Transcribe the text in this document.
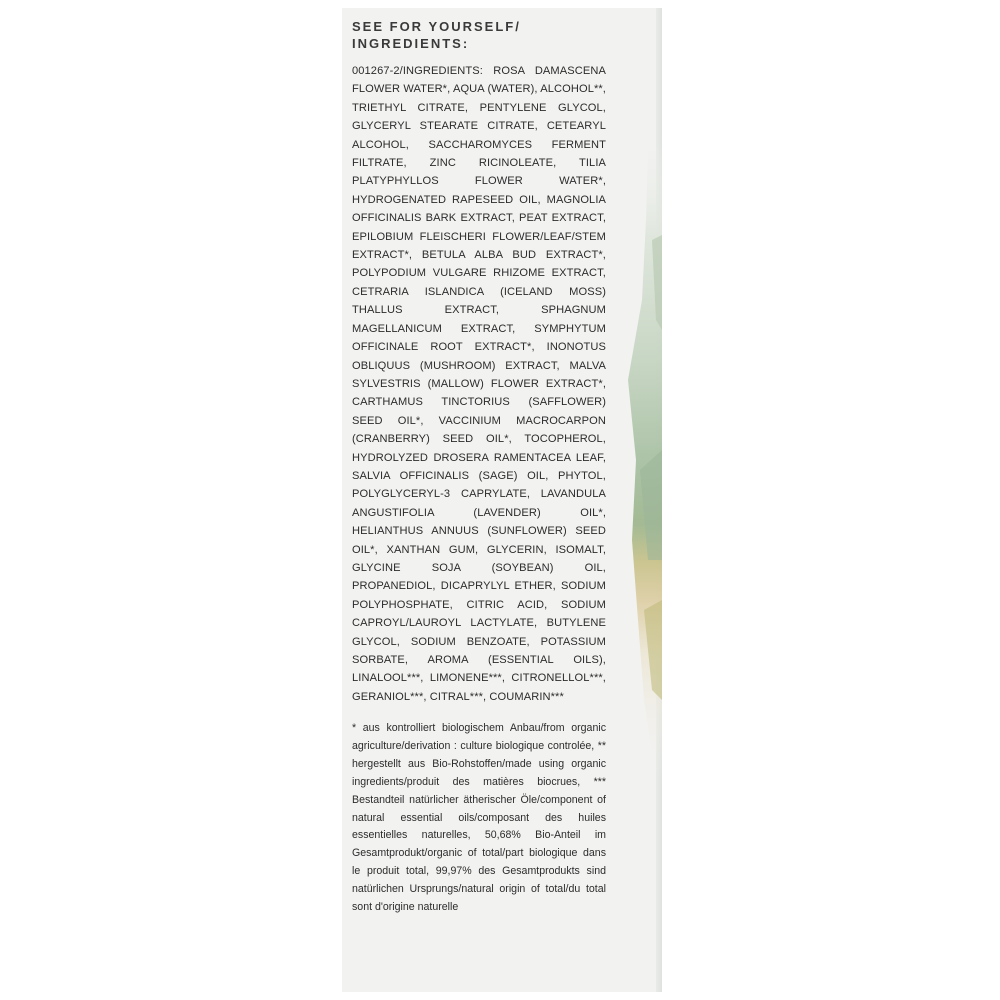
SEE FOR YOURSELF/
INGREDIENTS:
001267-2/INGREDIENTS: ROSA DAMASCENA FLOWER WATER*, AQUA (WATER), ALCOHOL**, TRIETHYL CITRATE, PENTYLENE GLYCOL, GLYCERYL STEARATE CITRATE, CETEARYL ALCOHOL, SACCHAROMYCES FERMENT FILTRATE, ZINC RICINOLEATE, TILIA PLATYPHYLLOS FLOWER WATER*, HYDROGENATED RAPESEED OIL, MAGNOLIA OFFICINALIS BARK EXTRACT, PEAT EXTRACT, EPILOBIUM FLEISCHERI FLOWER/LEAF/STEM EXTRACT*, BETULA ALBA BUD EXTRACT*, POLYPODIUM VULGARE RHIZOME EXTRACT, CETRARIA ISLANDICA (ICELAND MOSS) THALLUS EXTRACT, SPHAGNUM MAGELLANICUM EXTRACT, SYMPHYTUM OFFICINALE ROOT EXTRACT*, INONOTUS OBLIQUUS (MUSHROOM) EXTRACT, MALVA SYLVESTRIS (MALLOW) FLOWER EXTRACT*, CARTHAMUS TINCTORIUS (SAFFLOWER) SEED OIL*, VACCINIUM MACROCARPON (CRANBERRY) SEED OIL*, TOCOPHEROL, HYDROLYZED DROSERA RAMENTACEA LEAF, SALVIA OFFICINALIS (SAGE) OIL, PHYTOL, POLYGLYCERYL-3 CAPRYLATE, LAVANDULA ANGUSTIFOLIA (LAVENDER) OIL*, HELIANTHUS ANNUUS (SUNFLOWER) SEED OIL*, XANTHAN GUM, GLYCERIN, ISOMALT, GLYCINE SOJA (SOYBEAN) OIL, PROPANEDIOL, DICAPRYLYL ETHER, SODIUM POLYPHOSPHATE, CITRIC ACID, SODIUM CAPROYL/LAUROYL LACTYLATE, BUTYLENE GLYCOL, SODIUM BENZOATE, POTASSIUM SORBATE, AROMA (ESSENTIAL OILS), LINALOOL***, LIMONENE***, CITRONELLOL***, GERANIOL***, CITRAL***, COUMARIN***
* aus kontrolliert biologischem Anbau/from organic agriculture/derivation : culture biologique controlée, ** hergestellt aus Bio-Rohstoffen/made using organic ingredients/produit des matières biocrues, *** Bestandteil natürlicher ätherischer Öle/component of natural essential oils/composant des huiles essentielles naturelles, 50,68% Bio-Anteil im Gesamtprodukt/organic of total/part biologique dans le produit total, 99,97% des Gesamtprodukts sind natürlichen Ursprungs/natural origin of total/du total sont d'origine naturelle
